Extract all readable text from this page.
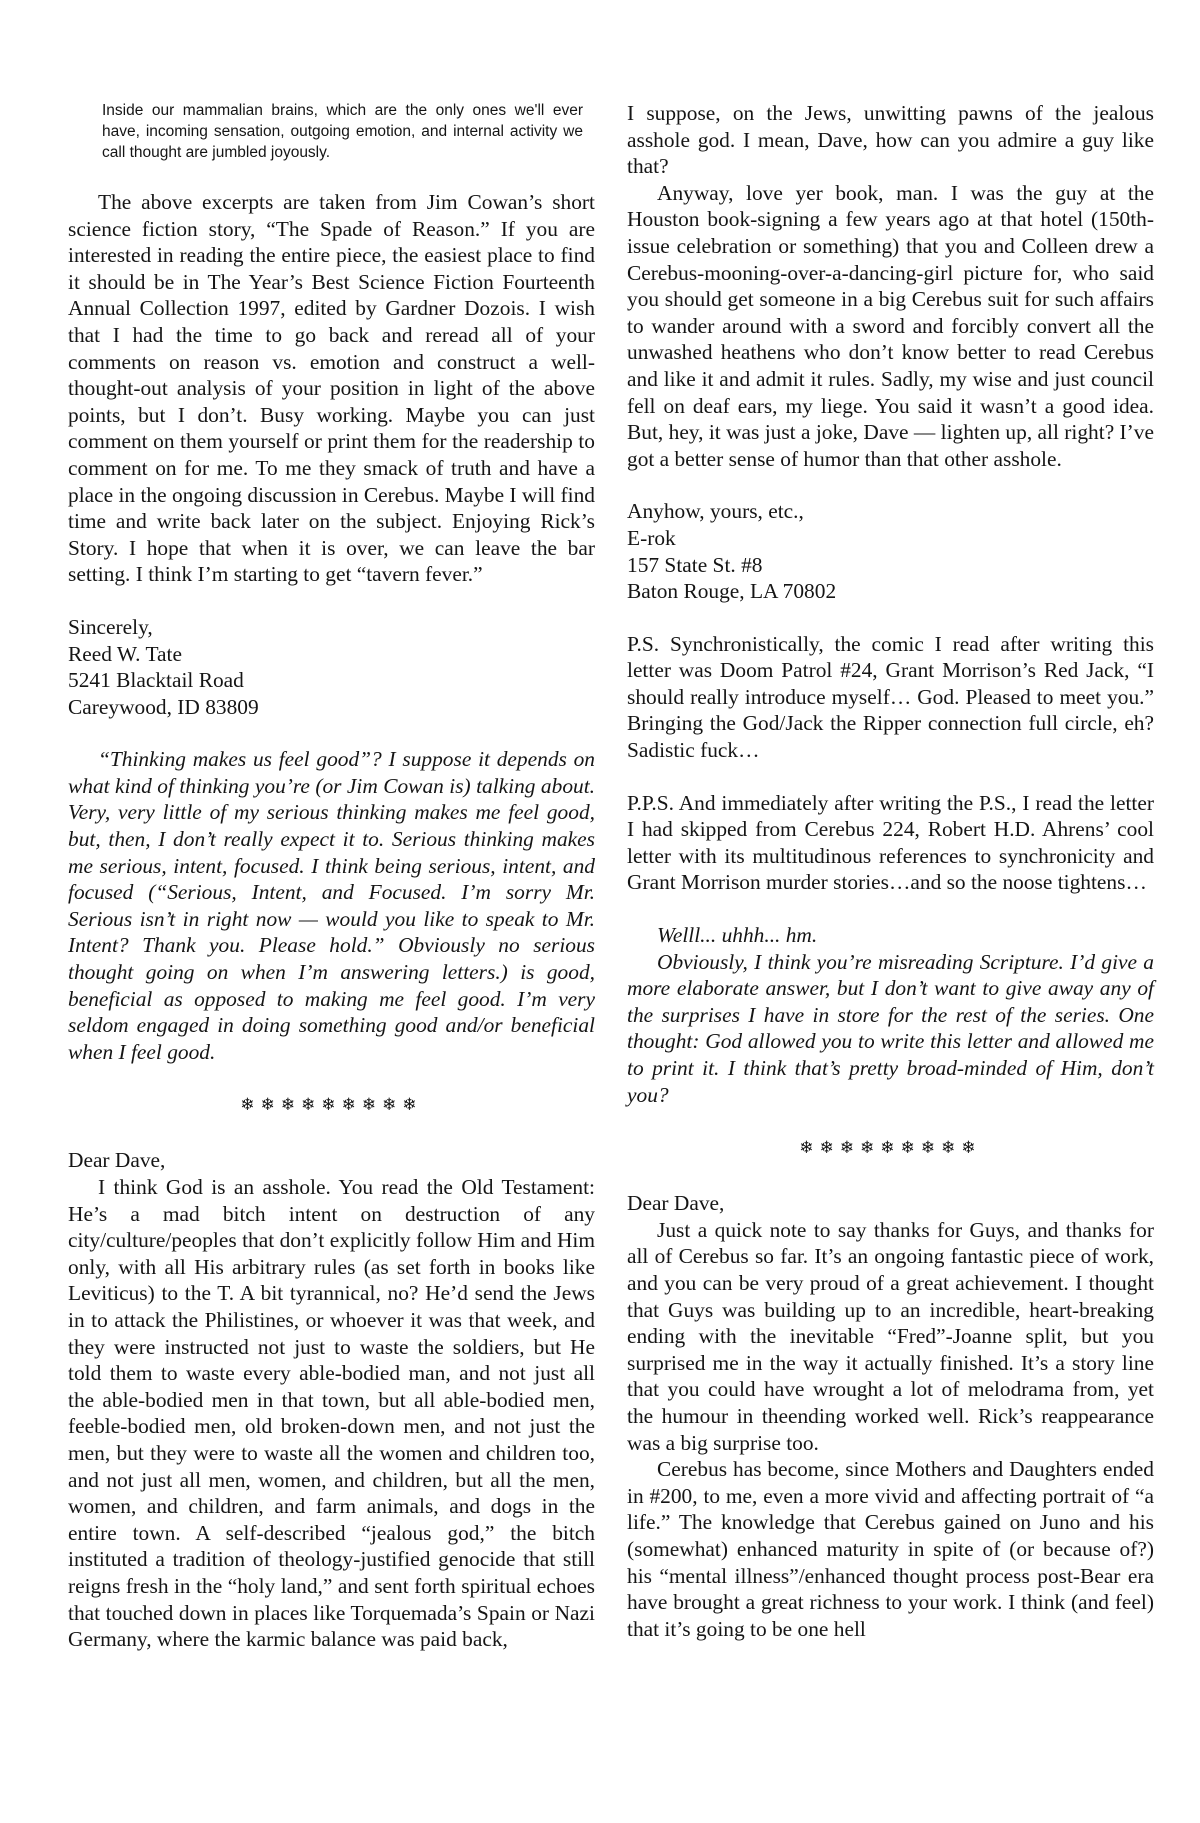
Inside our mammalian brains, which are the only ones we'll ever have, incoming sensation, outgoing emotion, and internal activity we call thought are jumbled joyously.

The above excerpts are taken from Jim Cowan’s short science fiction story, “The Spade of Reason.” If you are interested in reading the entire piece, the easiest place to find it should be in The Year’s Best Science Fiction Fourteenth Annual Collection 1997, edited by Gardner Dozois. I wish that I had the time to go back and reread all of your comments on reason vs. emotion and construct a well-thought-out analysis of your position in light of the above points, but I don’t. Busy working. Maybe you can just comment on them yourself or print them for the readership to comment on for me. To me they smack of truth and have a place in the ongoing discussion in Cerebus. Maybe I will find time and write back later on the subject. Enjoying Rick’s Story. I hope that when it is over, we can leave the bar setting. I think I’m starting to get “tavern fever.”

Sincerely,

Reed W. Tate

5241 Blacktail Road

Careywood, ID 83809

“Thinking makes us feel good”? I suppose it depends on what kind of thinking you’re (or Jim Cowan is) talking about. Very, very little of my serious thinking makes me feel good, but, then, I don’t really expect it to. Serious thinking makes me serious, intent, focused. I think being serious, intent, and focused (“Serious, Intent, and Focused. I’m sorry Mr. Serious isn’t in right now — would you like to speak to Mr. Intent? Thank you. Please hold.” Obviously no serious thought going on when I’m answering letters.) is good, beneficial as opposed to making me feel good. I’m very seldom engaged in doing something good and/or beneficial when I feel good.

❄❄❄❄❄❄❄❄❄

Dear Dave,

I think God is an asshole. You read the Old Testament: He’s a mad bitch intent on destruction of any city/culture/peoples that don’t explicitly follow Him and Him only, with all His arbitrary rules (as set forth in books like Leviticus) to the T. A bit tyrannical, no? He’d send the Jews in to attack the Philistines, or whoever it was that week, and they were instructed not just to waste the soldiers, but He told them to waste every able-bodied man, and not just all the able-bodied men in that town, but all able-bodied men, feeble-bodied men, old broken-down men, and not just the men, but they were to waste all the women and children too, and not just all men, women, and children, but all the men, women, and children, and farm animals, and dogs in the entire town. A self-described “jealous god,” the bitch instituted a tradition of theology-justified genocide that still reigns fresh in the “holy land,” and sent forth spiritual echoes that touched down in places like Torquemada’s Spain or Nazi Germany, where the karmic balance was paid back,

I suppose, on the Jews, unwitting pawns of the jealous asshole god. I mean, Dave, how can you admire a guy like that?

Anyway, love yer book, man. I was the guy at the Houston book-signing a few years ago at that hotel (150th-issue celebration or something) that you and Colleen drew a Cerebus-mooning-over-a-dancing-girl picture for, who said you should get someone in a big Cerebus suit for such affairs to wander around with a sword and forcibly convert all the unwashed heathens who don’t know better to read Cerebus and like it and admit it rules. Sadly, my wise and just council fell on deaf ears, my liege. You said it wasn’t a good idea. But, hey, it was just a joke, Dave — lighten up, all right? I’ve got a better sense of humor than that other asshole.

Anyhow, yours, etc.,

E-rok

157 State St. #8

Baton Rouge, LA 70802

P.S. Synchronistically, the comic I read after writing this letter was Doom Patrol #24, Grant Morrison’s Red Jack, “I should really introduce myself… God. Pleased to meet you.” Bringing the God/Jack the Ripper connection full circle, eh? Sadistic fuck…

P.P.S. And immediately after writing the P.S., I read the letter I had skipped from Cerebus 224, Robert H.D. Ahrens’ cool letter with its multitudinous references to synchronicity and Grant Morrison murder stories…and so the noose tightens…

Welll... uhhh... hm.

Obviously, I think you’re misreading Scripture. I’d give a more elaborate answer, but I don’t want to give away any of the surprises I have in store for the rest of the series. One thought: God allowed you to write this letter and allowed me to print it. I think that’s pretty broad-minded of Him, don’t you?

❄❄❄❄❄❄❄❄❄

Dear Dave,

Just a quick note to say thanks for Guys, and thanks for all of Cerebus so far. It’s an ongoing fantastic piece of work, and you can be very proud of a great achievement. I thought that Guys was building up to an incredible, heart-breaking ending with the inevitable “Fred”-Joanne split, but you surprised me in the way it actually finished. It’s a story line that you could have wrought a lot of melodrama from, yet the humour in theending worked well. Rick’s reappearance was a big surprise too.

Cerebus has become, since Mothers and Daughters ended in #200, to me, even a more vivid and affecting portrait of “a life.” The knowledge that Cerebus gained on Juno and his (somewhat) enhanced maturity in spite of (or because of?) his “mental illness”/enhanced thought process post-Bear era have brought a great richness to your work. I think (and feel) that it’s going to be one hell
